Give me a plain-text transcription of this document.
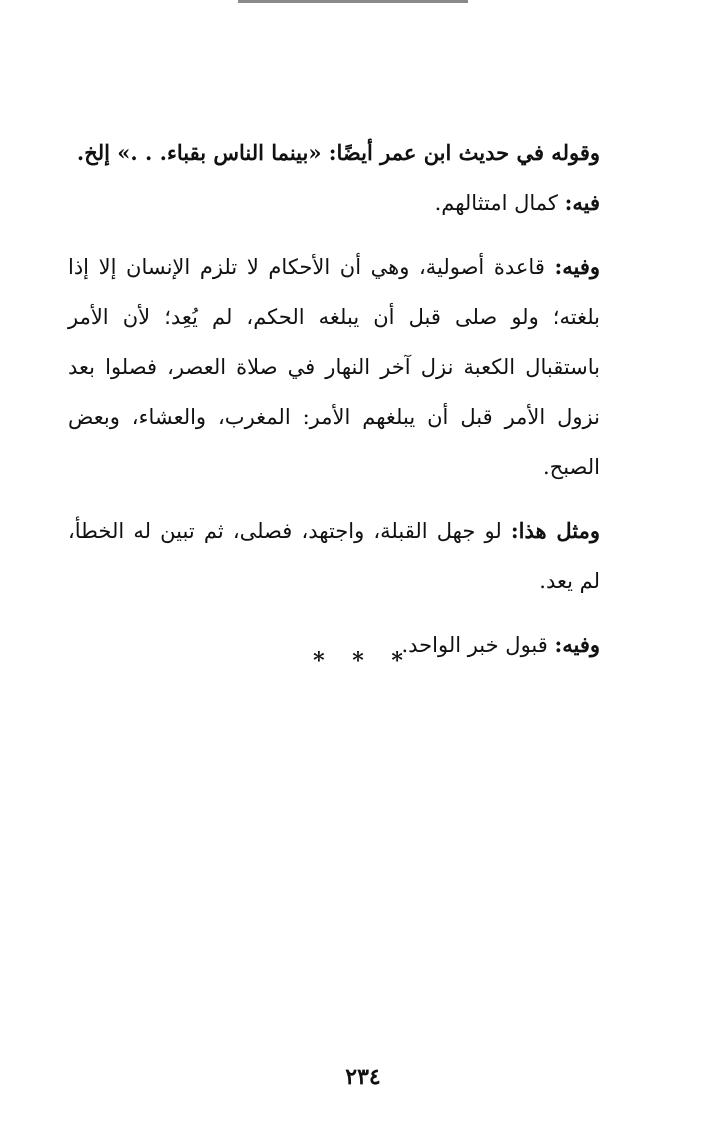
وقوله في حديث ابن عمر أيضًا: «بينما الناس بقباء. . .» إلخ.

فيه: كمال امتثالهم.

وفيه: قاعدة أصولية، وهي أن الأحكام لا تلزم الإنسان إلا إذا بلغته؛ ولو صلى قبل أن يبلغه الحكم، لم يُعِد؛ لأن الأمر باستقبال الكعبة نزل آخر النهار في صلاة العصر، فصلوا بعد نزول الأمر قبل أن يبلغهم الأمر: المغرب، والعشاء، وبعض الصبح.

ومثل هذا: لو جهل القبلة، واجتهد، فصلى، ثم تبين له الخطأ، لم يعد.

وفيه: قبول خبر الواحد.

* * *
٢٣٤
